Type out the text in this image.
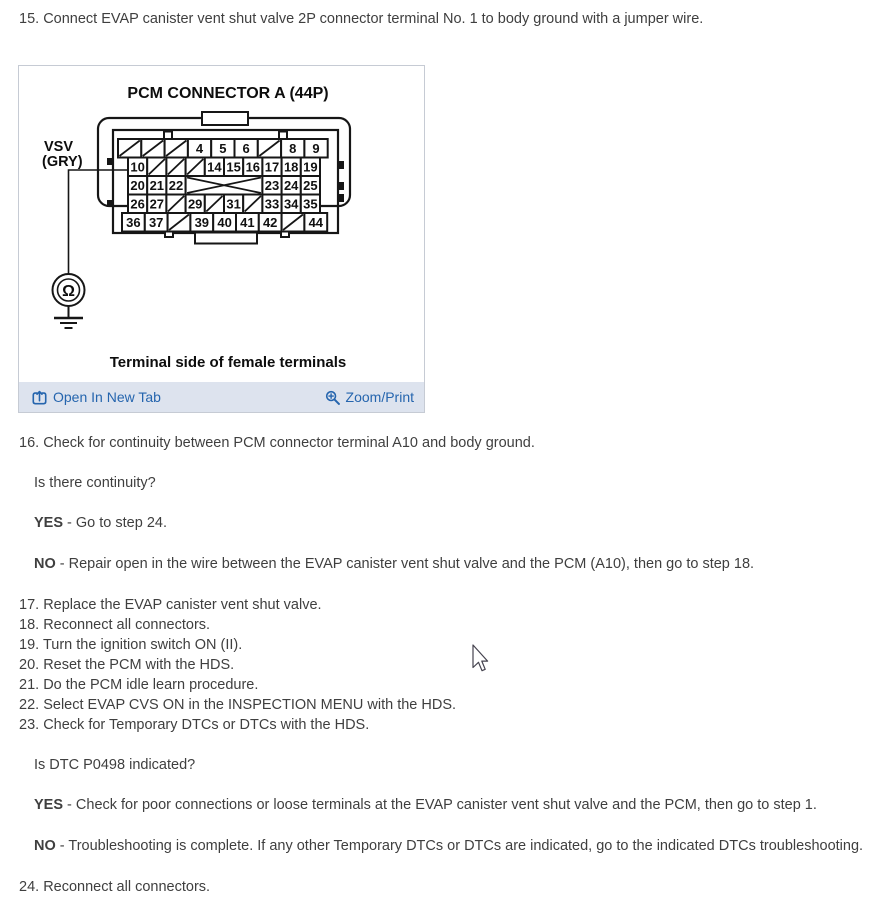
15. Connect EVAP canister vent shut valve 2P connector terminal No. 1 to body ground with a jumper wire.
PCM CONNECTOR A (44P)
4 5 6	8 9
10	14 15 16 17 18 19
20 21 22	23 24 25
26 27 29 31 33 34 35
36 37 39 40 41 42 44
VSV
(GRY)
Ω
Terminal side of female terminals
Open In New Tab	Zoom/Print
16. Check for continuity between PCM connector terminal A10 and body ground.
Is there continuity?
YES - Go to step 24.
NO - Repair open in the wire between the EVAP canister vent shut valve and the PCM (A10), then go to step 18.
17. Replace the EVAP canister vent shut valve.
18. Reconnect all connectors.
19. Turn the ignition switch ON (II).
20. Reset the PCM with the HDS.
21. Do the PCM idle learn procedure.
22. Select EVAP CVS ON in the INSPECTION MENU with the HDS.
23. Check for Temporary DTCs or DTCs with the HDS.
Is DTC P0498 indicated?
YES - Check for poor connections or loose terminals at the EVAP canister vent shut valve and the PCM, then go to step 1.
NO - Troubleshooting is complete. If any other Temporary DTCs or DTCs are indicated, go to the indicated DTCs troubleshooting.
24. Reconnect all connectors.
